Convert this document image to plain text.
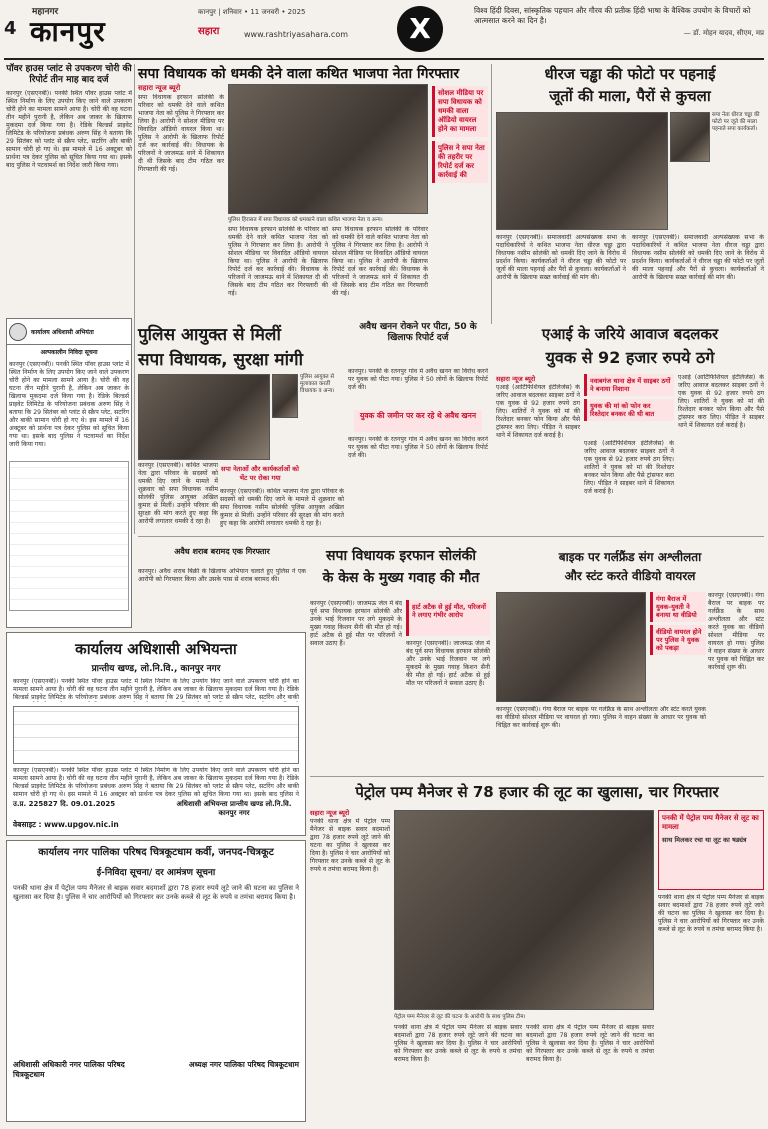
महानगर
4 कानपुर
कानपुर | शनिवार • 11 जनवरी • 2025
सहारा	www.rashtriyasahara.com	X
विश्व हिंदी दिवस, सांस्कृतिक पहचान और गौरव की प्रतीक हिंदी भाषा के वैश्विक उपयोग के विचारों को आत्मसात करने का दिन है।
— डॉ. मोहन यादव, सीएम, मप्र
पॉवर हाउस प्लांट से उपकरण चोरी की रिपोर्ट तीन माह बाद दर्ज
कानपुर (एसएनबी)। पनकी स्थित पॉवर हाउस प्लांट में स्थित निर्माण के लिए उपयोग किए जाने वाले उपकरण चोरी होने का मामला सामने आया है। चोरी की वह घटना तीन महीने पुरानी है, लेकिन अब जाकर के खिलाफ मुकदमा दर्ज किया गया है। रेडिके बिल्डर्स प्राइवेट लिमिटेड के परियोजना प्रबंधक अरुण सिंह ने बताया कि 29 सितंबर को प्लांट से स्क्रैप प्लेट, सटरिंग और बाकी सामान चोरी हो गए थे। इस मामले में 16 अक्टूबर को प्रार्थना पत्र देकर पुलिस को सूचित किया गया था। इसके बाद पुलिस ने पटवामर्श का निर्देश जारी किया गया।
सपा विधायक को धमकी देने वाला कथित भाजपा नेता गिरफ्तार
सहारा न्यूज ब्यूरो
सपा विधायक इरफान सोलंकी के परिवार को धमकी देने वाले कथित भाजपा नेता को पुलिस ने गिरफ्तार कर लिया है। आरोपी ने सोशल मीडिया पर विवादित ऑडियो वायरल किया था। पुलिस ने आरोपी के खिलाफ रिपोर्ट दर्ज कर कार्रवाई की। विधायक के परिजनों ने जाजमऊ थाने में शिकायत दी थी जिसके बाद टीम गठित कर गिरफ्तारी की गई।
पुलिस हिरासत में सपा विधायक को धमकाने वाला कथित भाजपा नेता व अन्य।
सोशल मीडिया पर सपा विधायक को धमकी वाला ऑडियो वायरल होने का मामला
पुलिस ने सपा नेता की तहरीर पर रिपोर्ट दर्ज कर कार्रवाई की
सपा विधायक इरफान सोलंकी के परिवार को धमकी देने वाले कथित भाजपा नेता को पुलिस ने गिरफ्तार कर लिया है। आरोपी ने सोशल मीडिया पर विवादित ऑडियो वायरल किया था। पुलिस ने आरोपी के खिलाफ रिपोर्ट दर्ज कर कार्रवाई की। विधायक के परिजनों ने जाजमऊ थाने में शिकायत दी थी जिसके बाद टीम गठित कर गिरफ्तारी की गई।
सपा विधायक इरफान सोलंकी के परिवार को धमकी देने वाले कथित भाजपा नेता को पुलिस ने गिरफ्तार कर लिया है। आरोपी ने सोशल मीडिया पर विवादित ऑडियो वायरल किया था। पुलिस ने आरोपी के खिलाफ रिपोर्ट दर्ज कर कार्रवाई की। विधायक के परिजनों ने जाजमऊ थाने में शिकायत दी थी जिसके बाद टीम गठित कर गिरफ्तारी की गई।
धीरज चड्ढा की फोटो पर पहनाई
जूतों की माला, पैरों से कुचला
सपा नेता धीरज चड्ढा की फोटो पर जूते की माला पहनाते सपा कार्यकर्ता।
कानपुर (एसएनबी)। समाजवादी अल्पसंख्यक सभा के पदाधिकारियों ने कथित भाजपा नेता धीरज चड्ढा द्वारा विधायक नसीम सोलंकी को धमकी दिए जाने के विरोध में प्रदर्शन किया। कार्यकर्ताओं ने धीरज चड्ढा की फोटो पर जूतों की माला पहनाई और पैरों से कुचला। कार्यकर्ताओं ने आरोपी के खिलाफ सख्त कार्रवाई की मांग की।
कानपुर (एसएनबी)। समाजवादी अल्पसंख्यक सभा के पदाधिकारियों ने कथित भाजपा नेता धीरज चड्ढा द्वारा विधायक नसीम सोलंकी को धमकी दिए जाने के विरोध में प्रदर्शन किया। कार्यकर्ताओं ने धीरज चड्ढा की फोटो पर जूतों की माला पहनाई और पैरों से कुचला। कार्यकर्ताओं ने आरोपी के खिलाफ सख्त कार्रवाई की मांग की।
कार्यालय अधिशासी अभियंता
अल्पकालीन निविदा सूचना
कानपुर (एसएनबी)। पनकी स्थित पॉवर हाउस प्लांट में स्थित निर्माण के लिए उपयोग किए जाने वाले उपकरण चोरी होने का मामला सामने आया है। चोरी की वह घटना तीन महीने पुरानी है, लेकिन अब जाकर के खिलाफ मुकदमा दर्ज किया गया है। रेडिके बिल्डर्स प्राइवेट लिमिटेड के परियोजना प्रबंधक अरुण सिंह ने बताया कि 29 सितंबर को प्लांट से स्क्रैप प्लेट, सटरिंग और बाकी सामान चोरी हो गए थे। इस मामले में 16 अक्टूबर को प्रार्थना पत्र देकर पुलिस को सूचित किया गया था। इसके बाद पुलिस ने पटवामर्श का निर्देश जारी किया गया।
पुलिस आयुक्त से मिलीं
सपा विधायक, सुरक्षा मांगी
पुलिस आयुक्त से मुलाकात करतीं विधायक व अन्य।
कानपुर (एसएनबी)। कथित भाजपा नेता द्वारा परिवार के सदस्यों को धमकी दिए जाने के मामले में शुक्रवार को सपा विधायक नसीम सोलंकी पुलिस आयुक्त अखिल कुमार से मिलीं। उन्होंने परिवार की सुरक्षा की मांग करते हुए कहा कि आरोपी लगातार धमकी दे रहा है।
सपा नेताओं और कार्यकर्ताओं को भेंट पर रोका गया
कानपुर (एसएनबी)। कथित भाजपा नेता द्वारा परिवार के सदस्यों को धमकी दिए जाने के मामले में शुक्रवार को सपा विधायक नसीम सोलंकी पुलिस आयुक्त अखिल कुमार से मिलीं। उन्होंने परिवार की सुरक्षा की मांग करते हुए कहा कि आरोपी लगातार धमकी दे रहा है।
अवैध खनन रोकने पर पीटा, 50 के खिलाफ रिपोर्ट दर्ज
कानपुर। पनकी के रतनपुर गांव में अवैध खनन का विरोध करने पर युवक को पीटा गया। पुलिस ने 50 लोगों के खिलाफ रिपोर्ट दर्ज की।
युवक की जमीन पर कर रहे थे अवैध खनन
कानपुर। पनकी के रतनपुर गांव में अवैध खनन का विरोध करने पर युवक को पीटा गया। पुलिस ने 50 लोगों के खिलाफ रिपोर्ट दर्ज की।
एआई के जरिये आवाज बदलकर
युवक से 92 हजार रुपये ठगे
सहारा न्यूज ब्यूरो
एआई (आर्टिफिशियल इंटेलिजेंस) के जरिए आवाज बदलकर साइबर ठगों ने एक युवक से 92 हजार रुपये ठग लिए। शातिरों ने युवक को मां की रिश्तेदार बनकर फोन किया और पैसे ट्रांसफर करा लिए। पीड़ित ने साइबर थाने में शिकायत दर्ज कराई है।
नवाबगंज थाना क्षेत्र में साइबर ठगों ने बनाया निशाना
युवक की मां को फोन कर रिश्तेदार बनकर की थी बात
एआई (आर्टिफिशियल इंटेलिजेंस) के जरिए आवाज बदलकर साइबर ठगों ने एक युवक से 92 हजार रुपये ठग लिए। शातिरों ने युवक को मां की रिश्तेदार बनकर फोन किया और पैसे ट्रांसफर करा लिए। पीड़ित ने साइबर थाने में शिकायत दर्ज कराई है।
एआई (आर्टिफिशियल इंटेलिजेंस) के जरिए आवाज बदलकर साइबर ठगों ने एक युवक से 92 हजार रुपये ठग लिए। शातिरों ने युवक को मां की रिश्तेदार बनकर फोन किया और पैसे ट्रांसफर करा लिए। पीड़ित ने साइबर थाने में शिकायत दर्ज कराई है।
सपा विधायक इरफान सोलंकी
के केस के मुख्य गवाह की मौत
कानपुर (एसएनबी)। जाजमऊ जेल में बंद पूर्व सपा विधायक इरफान सोलंकी और उनके भाई रिजवान पर लगे मुकदमे के मुख्य गवाह किशन सैनी की मौत हो गई। हार्ट अटैक से हुई मौत पर परिजनों ने सवाल उठाए हैं।
हार्ट अटैक से हुई मौत, परिजनों ने लगाए गंभीर आरोप
कानपुर (एसएनबी)। जाजमऊ जेल में बंद पूर्व सपा विधायक इरफान सोलंकी और उनके भाई रिजवान पर लगे मुकदमे के मुख्य गवाह किशन सैनी की मौत हो गई। हार्ट अटैक से हुई मौत पर परिजनों ने सवाल उठाए हैं।
बाइक पर गर्लफ्रैंड संग अश्लीलता
और स्टंट करते वीडियो वायरल
गंगा बैराज में युवक-युवती ने बनाया था वीडियो
वीडियो वायरल होने पर पुलिस ने युवक को पकड़ा
कानपुर (एसएनबी)। गंगा बैराज पर बाइक पर गर्लफ्रैंड के साथ अश्लीलता और स्टंट करते युवक का वीडियो सोशल मीडिया पर वायरल हो गया। पुलिस ने वाहन संख्या के आधार पर युवक को चिह्नित कर कार्रवाई शुरू की।
कानपुर (एसएनबी)। गंगा बैराज पर बाइक पर गर्लफ्रैंड के साथ अश्लीलता और स्टंट करते युवक का वीडियो सोशल मीडिया पर वायरल हो गया। पुलिस ने वाहन संख्या के आधार पर युवक को चिह्नित कर कार्रवाई शुरू की।
अवैध शराब बरामद एक गिरफ्तार
कानपुर। अवैध शराब बिक्री के खिलाफ अभियान चलाते हुए पुलिस ने एक आरोपी को गिरफ्तार किया और उसके पास से शराब बरामद की।
कार्यालय अधिशासी अभियन्ता
प्रान्तीय खण्ड, लो.नि.वि., कानपुर नगर
कानपुर (एसएनबी)। पनकी स्थित पॉवर हाउस प्लांट में स्थित निर्माण के लिए उपयोग किए जाने वाले उपकरण चोरी होने का मामला सामने आया है। चोरी की वह घटना तीन महीने पुरानी है, लेकिन अब जाकर के खिलाफ मुकदमा दर्ज किया गया है। रेडिके बिल्डर्स प्राइवेट लिमिटेड के परियोजना प्रबंधक अरुण सिंह ने बताया कि 29 सितंबर को प्लांट से स्क्रैप प्लेट, सटरिंग और बाकी
कानपुर (एसएनबी)। पनकी स्थित पॉवर हाउस प्लांट में स्थित निर्माण के लिए उपयोग किए जाने वाले उपकरण चोरी होने का मामला सामने आया है। चोरी की वह घटना तीन महीने पुरानी है, लेकिन अब जाकर के खिलाफ मुकदमा दर्ज किया गया है। रेडिके बिल्डर्स प्राइवेट लिमिटेड के परियोजना प्रबंधक अरुण सिंह ने बताया कि 29 सितंबर को प्लांट से स्क्रैप प्लेट, सटरिंग और बाकी सामान चोरी हो गए थे। इस मामले में 16 अक्टूबर को प्रार्थना पत्र देकर पुलिस को सूचित किया गया था। इसके बाद पुलिस ने
उ.प्र. 225827 दि. 09.01.2025	अधिशासी अभियन्ता प्रान्तीय खण्ड लो.नि.वि. कानपुर नगर
वेबसाइट : www.upgov.nic.in
पेट्रोल पम्प मैनेजर से 78 हजार की लूट का खुलासा, चार गिरफ्तार
सहारा न्यूज ब्यूरो
पनकी थाना क्षेत्र में पेट्रोल पम्प मैनेजर से बाइक सवार बदमाशों द्वारा 78 हजार रुपये लूटे जाने की घटना का पुलिस ने खुलासा कर दिया है। पुलिस ने चार आरोपियों को गिरफ्तार कर उनके कब्जे से लूट के रुपये व तमंचा बरामद किया है।
पेट्रोल पम्प मैनेजर से लूट की घटना के आरोपी के साथ पुलिस टीम।
पनकी में पेट्रोल पम्प मैनेजर से लूट का मामला
साथ मिलकर रचा था लूट का षड्यंत्र
पनकी थाना क्षेत्र में पेट्रोल पम्प मैनेजर से बाइक सवार बदमाशों द्वारा 78 हजार रुपये लूटे जाने की घटना का पुलिस ने खुलासा कर दिया है। पुलिस ने चार आरोपियों को गिरफ्तार कर उनके कब्जे से लूट के रुपये व तमंचा बरामद किया है।
पनकी थाना क्षेत्र में पेट्रोल पम्प मैनेजर से बाइक सवार बदमाशों द्वारा 78 हजार रुपये लूटे जाने की घटना का पुलिस ने खुलासा कर दिया है। पुलिस ने चार आरोपियों को गिरफ्तार कर उनके कब्जे से लूट के रुपये व तमंचा बरामद किया है।
पनकी थाना क्षेत्र में पेट्रोल पम्प मैनेजर से बाइक सवार बदमाशों द्वारा 78 हजार रुपये लूटे जाने की घटना का पुलिस ने खुलासा कर दिया है। पुलिस ने चार आरोपियों को गिरफ्तार कर उनके कब्जे से लूट के रुपये व तमंचा बरामद किया है।
कार्यालय नगर पालिका परिषद चित्रकूटधाम कर्वी, जनपद-चित्रकूट
ई-निविदा सूचना/ दर आमंत्रण सूचना
पनकी थाना क्षेत्र में पेट्रोल पम्प मैनेजर से बाइक सवार बदमाशों द्वारा 78 हजार रुपये लूटे जाने की घटना का पुलिस ने खुलासा कर दिया है। पुलिस ने चार आरोपियों को गिरफ्तार कर उनके कब्जे से लूट के रुपये व तमंचा बरामद किया है।
अधिशासी अधिकारी नगर पालिका परिषद चित्रकूटधाम
अध्यक्ष नगर पालिका परिषद चित्रकूटधाम
